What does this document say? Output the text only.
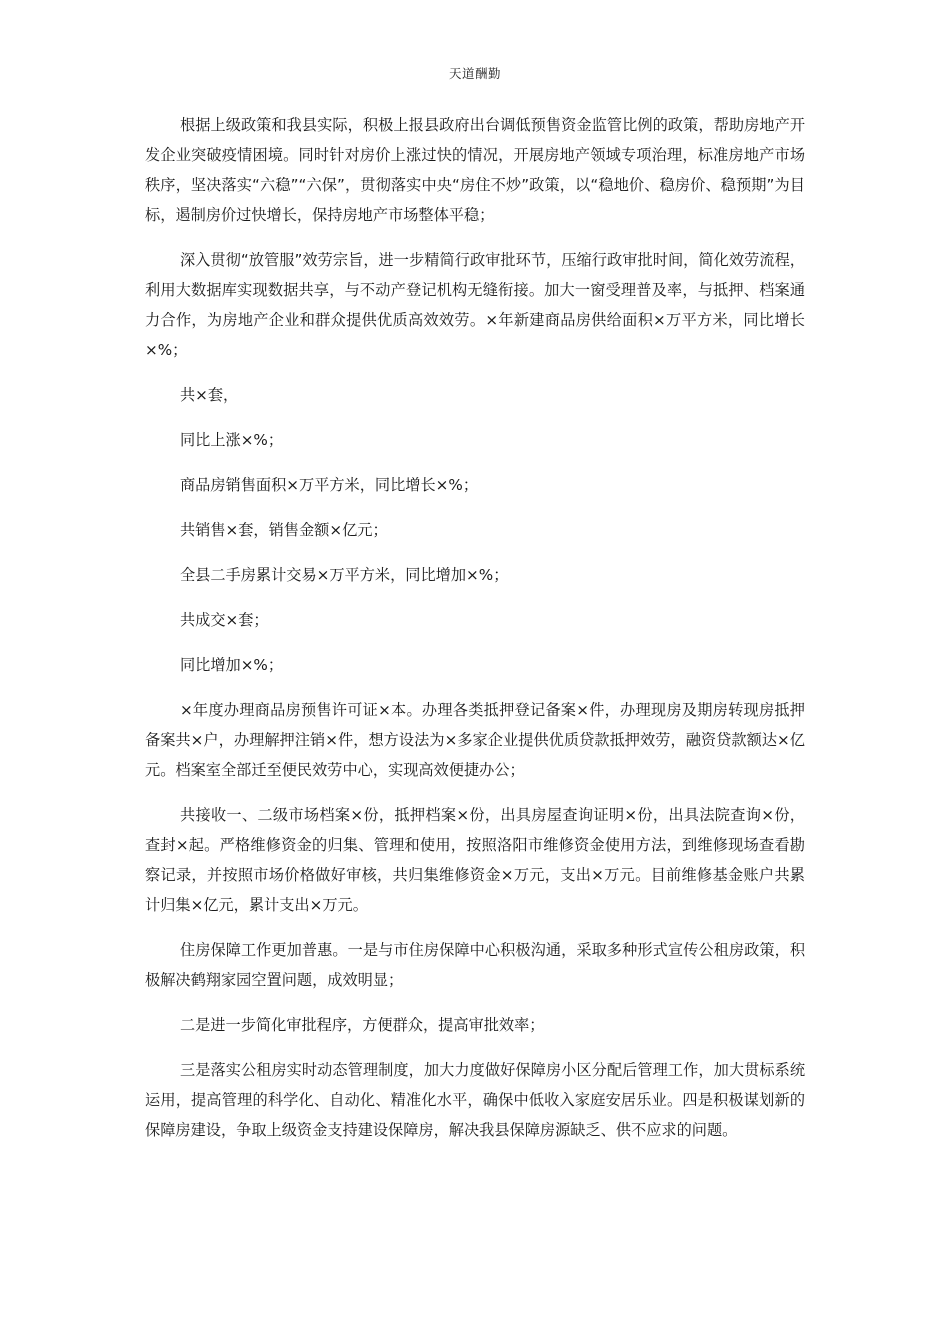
天道酬勤

根据上级政策和我县实际，积极上报县政府出台调低预售资金监管比例的政策，帮助房地产开发企业突破疫情困境。同时针对房价上涨过快的情况，开展房地产领域专项治理，标准房地产市场秩序，坚决落实“六稳”“六保”，贯彻落实中央“房住不炒”政策，以“稳地价、稳房价、稳预期”为目标，遏制房价过快增长，保持房地产市场整体平稳；

深入贯彻“放管服”效劳宗旨，进一步精简行政审批环节，压缩行政审批时间，简化效劳流程，利用大数据库实现数据共享，与不动产登记机构无缝衔接。加大一窗受理普及率，与抵押、档案通力合作，为房地产企业和群众提供优质高效效劳。×年新建商品房供给面积×万平方米，同比增长×%；

共×套，

同比上涨×%；

商品房销售面积×万平方米，同比增长×%；

共销售×套，销售金额×亿元；

全县二手房累计交易×万平方米，同比增加×%；

共成交×套；

同比增加×%；

×年度办理商品房预售许可证×本。办理各类抵押登记备案×件，办理现房及期房转现房抵押备案共×户，办理解押注销×件，想方设法为×多家企业提供优质贷款抵押效劳，融资贷款额达×亿元。档案室全部迁至便民效劳中心，实现高效便捷办公；

共接收一、二级市场档案×份，抵押档案×份，出具房屋查询证明×份，出具法院查询×份，查封×起。严格维修资金的归集、管理和使用，按照洛阳市维修资金使用方法，到维修现场查看勘察记录，并按照市场价格做好审核，共归集维修资金×万元，支出×万元。目前维修基金账户共累计归集×亿元，累计支出×万元。

住房保障工作更加普惠。一是与市住房保障中心积极沟通，采取多种形式宣传公租房政策，积极解决鹤翔家园空置问题，成效明显；

二是进一步简化审批程序，方便群众，提高审批效率；

三是落实公租房实时动态管理制度，加大力度做好保障房小区分配后管理工作，加大贯标系统运用，提高管理的科学化、自动化、精准化水平，确保中低收入家庭安居乐业。四是积极谋划新的保障房建设，争取上级资金支持建设保障房，解决我县保障房源缺乏、供不应求的问题。
